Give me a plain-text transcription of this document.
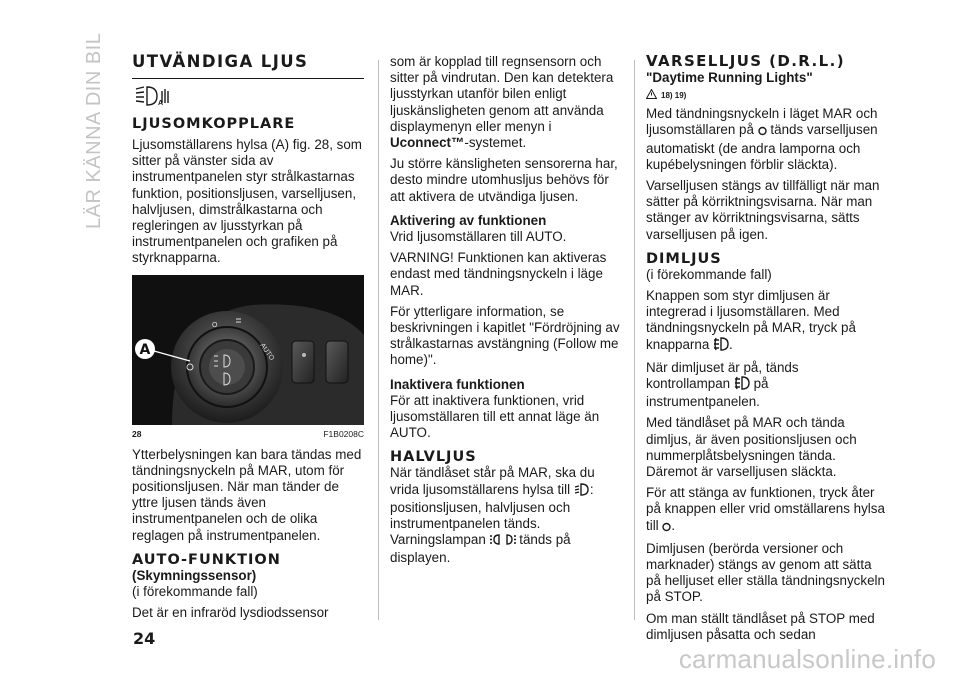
LÄR KÄNNA DIN BIL UTVÄNDIGA LJUS
A
LJUSOMKOPPLARE

Ljusomställarens hylsa (A) fig. 28, som sitter på vänster sida av instrumentpanelen styr strålkastarnas funktion, positionsljusen, varselljusen, halvljusen, dimstrålkastarna och regleringen av ljusstyrkan på instrumentpanelen och grafiken på styrknapparna.

O
AUTO
A
28	F1B0208C

Ytterbelysningen kan bara tändas med tändningsnyckeln på MAR, utom för positionsljusen. När man tänder de yttre ljusen tänds även instrumentpanelen och de olika reglagen på instrumentpanelen.

AUTO-FUNKTION

(Skymningssensor)

(i förekommande fall)

Det är en infraröd lysdiodssensor

som är kopplad till regnsensorn och sitter på vindrutan. Den kan detektera ljusstyrkan utanför bilen enligt ljuskänsligheten genom att använda displaymenyn eller menyn i Uconnect™-systemet.

Ju större känsligheten sensorerna har, desto mindre utomhusljus behövs för att aktivera de utvändiga ljusen.

Aktivering av funktionen

Vrid ljusomställaren till AUTO.

VARNING! Funktionen kan aktiveras endast med tändningsnyckeln i läge MAR.

För ytterligare information, se beskrivningen i kapitlet "Fördröjning av strålkastarnas avstängning (Follow me home)".

Inaktivera funktionen

För att inaktivera funktionen, vrid ljusomställaren till ett annat läge än AUTO.

HALVLJUS

När tändlåset står på MAR, ska du vrida ljusomställarens hylsa till : positionsljusen, halvljusen och instrumentpanelen tänds.

Varningslampan tänds på displayen.

VARSELLJUS (D.R.L.)

"Daytime Running Lights"

18) 19)

Med tändningsnyckeln i läget MAR och ljusomställaren på tänds varselljusen automatiskt (de andra lamporna och kupébelysningen förblir släckta).

Varselljusen stängs av tillfälligt när man sätter på körriktningsvisarna. När man stänger av körriktningsvisarna, sätts varselljusen på igen.

DIMLJUS

(i förekommande fall)

Knappen som styr dimljusen är integrerad i ljusomställaren. Med tändningsnyckeln på MAR, tryck på knapparna .

När dimljuset är på, tänds kontrollampan på instrumentpanelen.

Med tändlåset på MAR och tända dimljus, är även positionsljusen och nummerplåtsbelysningen tända. Däremot är varselljusen släckta.

För att stänga av funktionen, tryck åter på knappen eller vrid omställarens hylsa till .

Dimljusen (berörda versioner och marknader) stängs av genom att sätta på helljuset eller ställa tändningsnyckeln på STOP.

Om man ställt tändlåset på STOP med dimljusen påsatta och sedan

24
carmanualsonline.info
